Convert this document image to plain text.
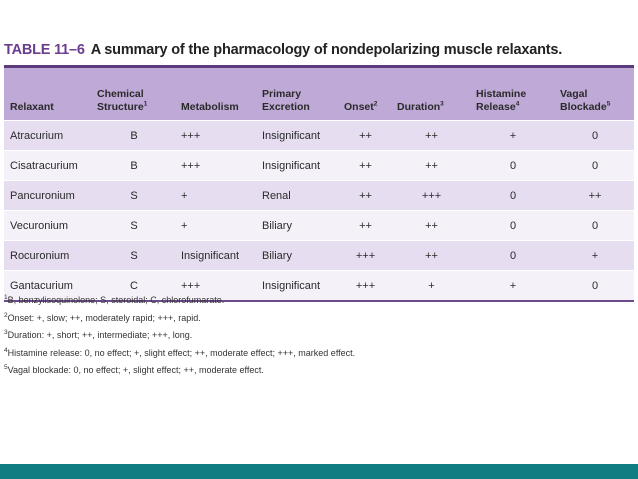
TABLE 11–6 A summary of the pharmacology of nondepolarizing muscle relaxants.
Relaxant	Chemical Structure$^1$	Metabolism	Primary Excretion	Onset$^2$	Duration$^3$	Histamine Release$^4$	Vagal Blockade$^5$
Atracurium	B	+++	Insignificant	++	++	+	0
Cisatracurium	B	+++	Insignificant	++	++	0	0
Pancuronium	S	+	Renal	++	+++	0	++
Vecuronium	S	+	Biliary	++	++	0	0
Rocuronium	S	Insignificant	Biliary	+++	++	0	+
Gantacurium	C	+++	Insignificant	+++	+	+	0
$^1$B, benzylisoquinolone; S, steroidal; C, chlorofumarate.
$^2$Onset: +, slow; ++, moderately rapid; +++, rapid.
$^3$Duration: +, short; ++, intermediate; +++, long.
$^4$Histamine release: 0, no effect; +, slight effect; ++, moderate effect; +++, marked effect.
$^5$Vagal blockade: 0, no effect; +, slight effect; ++, moderate effect.
